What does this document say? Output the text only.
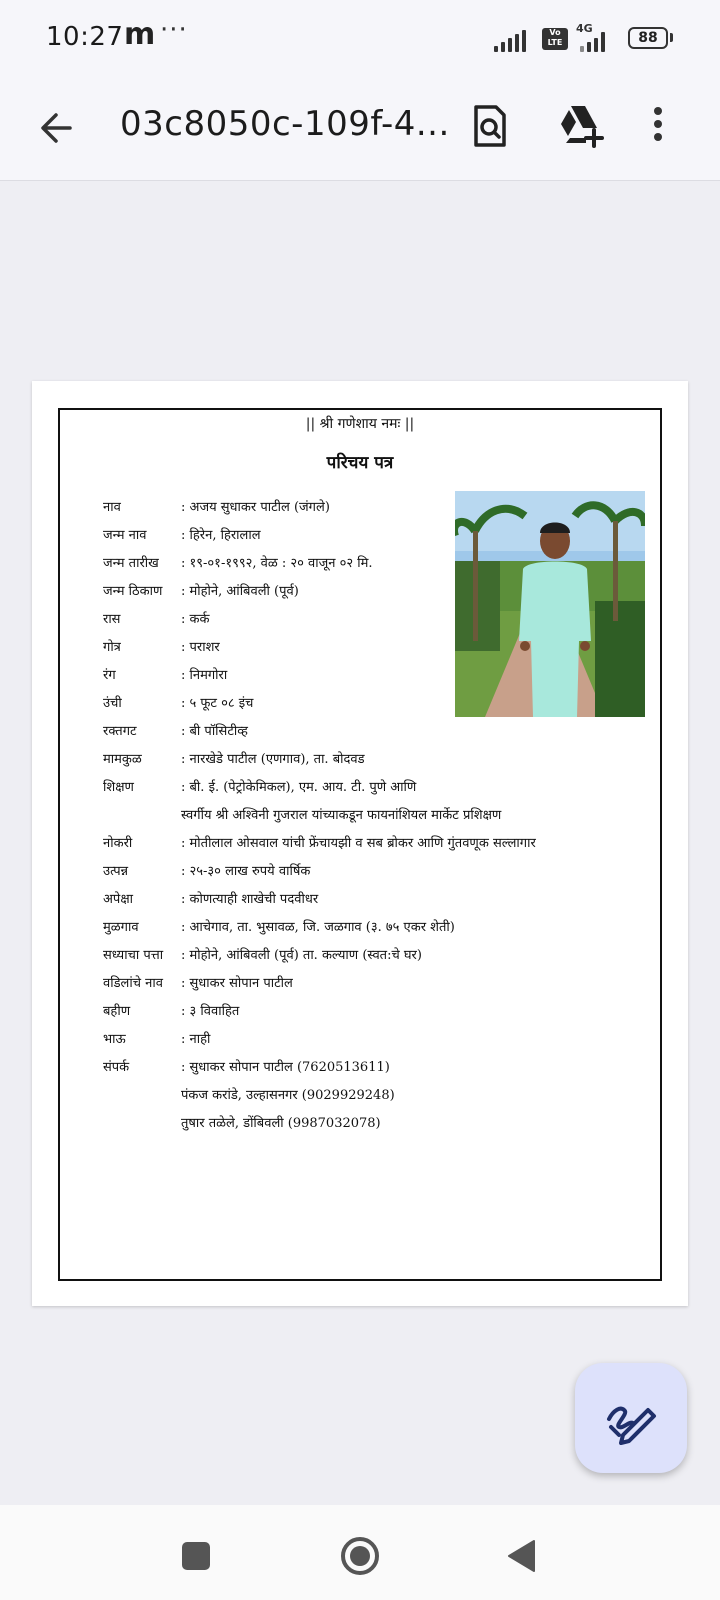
10:27 m ···	Vo LTE
4G
88
03c8050c-109f-4...
|| श्री गणेशाय नमः ||
परिचय पत्र
नाव	: अजय सुधाकर पाटील (जंगले)
जन्म नाव	: हिरेन, हिरालाल
जन्म तारीख : १९-०१-१९९२, वेळ : २० वाजून ०२ मि.
जन्म ठिकाण : मोहोने, आंबिवली (पूर्व)
रास	: कर्क
गोत्र	: पराशर
रंग	: निमगोरा
उंची	: ५ फूट ०८ इंच
रक्तगट	: बी पॉसिटीव्ह
मामकुळ	: नारखेडे पाटील (एणगाव), ता. बोदवड
शिक्षण	: बी. ई. (पेट्रोकेमिकल), एम. आय. टी. पुणे आणि
स्वर्गीय श्री अश्विनी गुजराल यांच्याकडून फायनांशियल मार्केट प्रशिक्षण
नोकरी	: मोतीलाल ओसवाल यांची फ्रेंचायझी व सब ब्रोकर आणि गुंतवणूक सल्लागार
उत्पन्न	: २५-३० लाख रुपये वार्षिक
अपेक्षा	: कोणत्याही शाखेची पदवीधर
मुळगाव	: आचेगाव, ता. भुसावळ, जि. जळगाव (३. ७५ एकर शेती)
सध्याचा पत्ता : मोहोने, आंबिवली (पूर्व) ता. कल्याण (स्वत:चे घर)
वडिलांचे नाव : सुधाकर सोपान पाटील
बहीण	: ३ विवाहित
भाऊ	: नाही
संपर्क	: सुधाकर सोपान पाटील (7620513611)
पंकज करांडे, उल्हासनगर (9029929248)
तुषार तळेले, डोंबिवली (9987032078)
